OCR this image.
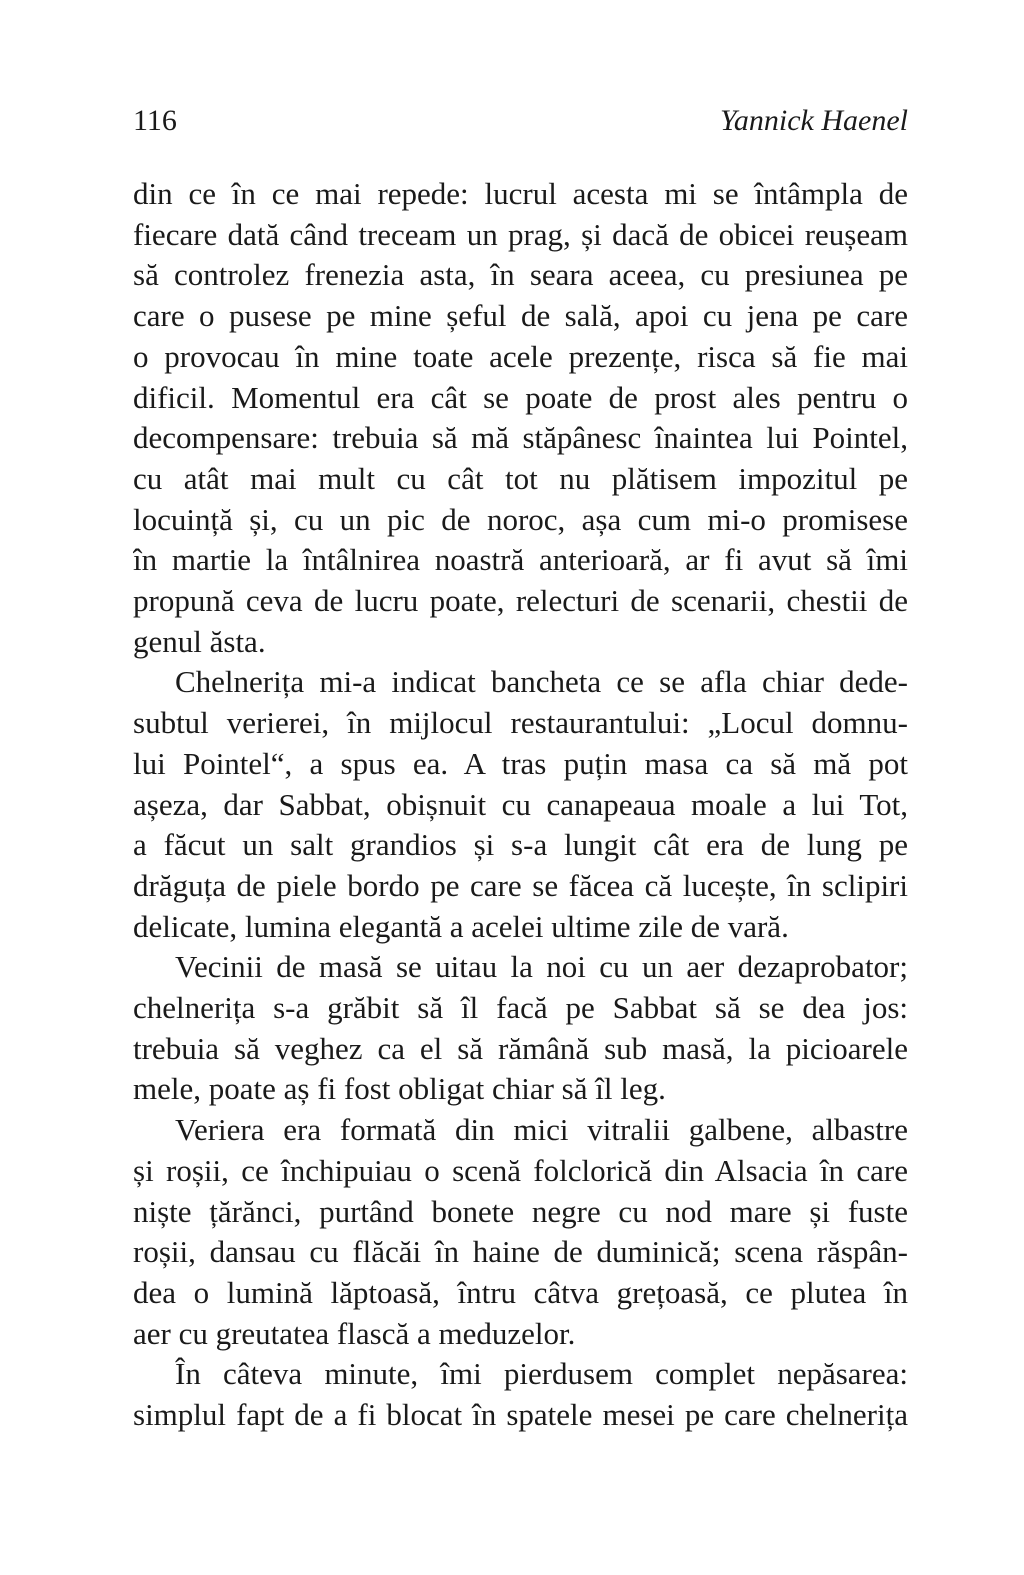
116	Yannick Haenel
din ce în ce mai repede: lucrul acesta mi se întâmpla de
fiecare dată când treceam un prag, și dacă de obicei reușeam
să controlez frenezia asta, în seara aceea, cu presiunea pe
care o pusese pe mine șeful de sală, apoi cu jena pe care
o provocau în mine toate acele prezențe, risca să fie mai
dificil. Momentul era cât se poate de prost ales pentru o
decompensare: trebuia să mă stăpânesc înaintea lui Pointel,
cu atât mai mult cu cât tot nu plătisem impozitul pe
locuință și, cu un pic de noroc, așa cum mi-o promisese
în martie la întâlnirea noastră anterioară, ar fi avut să îmi
propună ceva de lucru poate, relecturi de scenarii, chestii de
genul ăsta.
Chelnerița mi-a indicat bancheta ce se afla chiar dede-
subtul verierei, în mijlocul restaurantului: „Locul domnu-
lui Pointel“, a spus ea. A tras puțin masa ca să mă pot
așeza, dar Sabbat, obișnuit cu canapeaua moale a lui Tot,
a făcut un salt grandios și s-a lungit cât era de lung pe
drăguța de piele bordo pe care se făcea că lucește, în sclipiri
delicate, lumina elegantă a acelei ultime zile de vară.
Vecinii de masă se uitau la noi cu un aer dezaprobator;
chelnerița s-a grăbit să îl facă pe Sabbat să se dea jos:
trebuia să veghez ca el să rămână sub masă, la picioarele
mele, poate aș fi fost obligat chiar să îl leg.
Veriera era formată din mici vitralii galbene, albastre
și roșii, ce închipuiau o scenă folclorică din Alsacia în care
niște țărănci, purtând bonete negre cu nod mare și fuste
roșii, dansau cu flăcăi în haine de duminică; scena răspân-
dea o lumină lăptoasă, întru câtva grețoasă, ce plutea în
aer cu greutatea flască a meduzelor.
În câteva minute, îmi pierdusem complet nepăsarea:
simplul fapt de a fi blocat în spatele mesei pe care chelnerița
